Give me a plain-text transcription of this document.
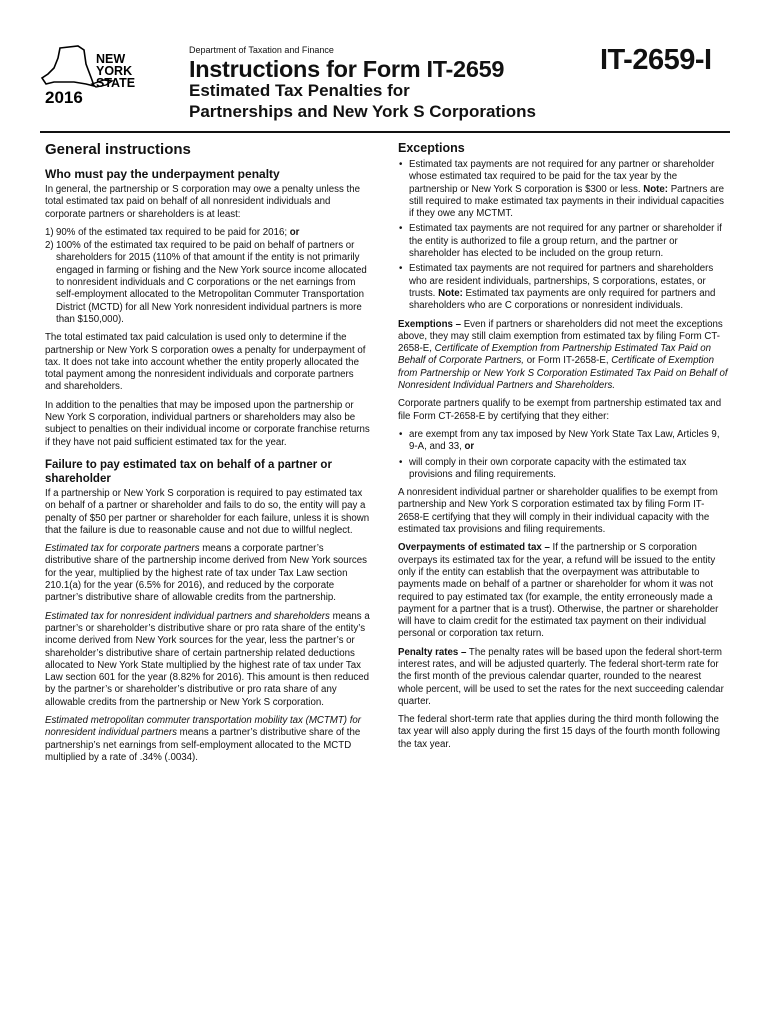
NEW
YORK
STATE
2016
Department of Taxation and Finance
Instructions for Form IT-2659	IT-2659-I
Estimated Tax Penalties for
Partnerships and New York S Corporations
General instructions
Who must pay the underpayment penalty

In general, the partnership or S corporation may owe a penalty unless the total estimated tax paid on behalf of all nonresident individuals and corporate partners or shareholders is at least:

1) 90% of the estimated tax required to be paid for 2016; or
2) 100% of the estimated tax required to be paid on behalf of partners or shareholders for 2015 (110% of that amount if the entity is not primarily engaged in farming or fishing and the New York source income allocated to nonresident individuals and C corporations or the net earnings from self-employment allocated to the Metropolitan Commuter Transportation District (MCTD) for all New York nonresident individual partners is more than $150,000).

The total estimated tax paid calculation is used only to determine if the partnership or New York S corporation owes a penalty for underpayment of tax. It does not take into account whether the entity properly allocated the total payment among the nonresident individuals and corporate partners and shareholders.

In addition to the penalties that may be imposed upon the partnership or New York S corporation, individual partners or shareholders may also be subject to penalties on their individual income or corporate franchise returns if they have not paid sufficient estimated tax for the year.

Failure to pay estimated tax on behalf of a partner or shareholder

If a partnership or New York S corporation is required to pay estimated tax on behalf of a partner or shareholder and fails to do so, the entity will pay a penalty of $50 per partner or shareholder for each failure, unless it is shown that the failure is due to reasonable cause and not due to willful neglect.

Estimated tax for corporate partners means a corporate partner’s distributive share of the partnership income derived from New York sources for the year, multiplied by the highest rate of tax under Tax Law section 210.1(a) for the year (6.5% for 2016), and reduced by the corporate partner’s distributive share of allowable credits from the partnership.

Estimated tax for nonresident individual partners and shareholders means a partner’s or shareholder’s distributive share or pro rata share of the entity’s income derived from New York sources for the year, less the partner’s or shareholder’s distributive share of certain partnership related deductions allocated to New York State multiplied by the highest rate of tax under Tax Law section 601 for the year (8.82% for 2016). This amount is then reduced by the partner’s or shareholder’s distributive or pro rata share of any allowable credits from the partnership or New York S corporation.

Estimated metropolitan commuter transportation mobility tax (MCTMT) for nonresident individual partners means a partner’s distributive share of the partnership’s net earnings from self-employment allocated to the MCTD multiplied by a rate of .34% (.0034).

Exceptions
• Estimated tax payments are not required for any partner or shareholder whose estimated tax required to be paid for the tax year by the partnership or New York S corporation is $300 or less. Note: Partners are still required to make estimated tax payments in their individual capacities if they owe any MCTMT.
• Estimated tax payments are not required for any partner or shareholder if the entity is authorized to file a group return, and the partner or shareholder has elected to be included on the group return.
• Estimated tax payments are not required for partners and shareholders who are resident individuals, partnerships, S corporations, estates, or trusts. Note: Estimated tax payments are only required for partners and shareholders who are C corporations or nonresident individuals.

Exemptions – Even if partners or shareholders did not meet the exceptions above, they may still claim exemption from estimated tax by filing Form CT-2658-E, Certificate of Exemption from Partnership Estimated Tax Paid on Behalf of Corporate Partners, or Form IT-2658-E, Certificate of Exemption from Partnership or New York S Corporation Estimated Tax Paid on Behalf of Nonresident Individual Partners and Shareholders.

Corporate partners qualify to be exempt from partnership estimated tax and file Form CT-2658-E by certifying that they either:

• are exempt from any tax imposed by New York State Tax Law, Articles 9, 9-A, and 33, or
• will comply in their own corporate capacity with the estimated tax provisions and filing requirements.

A nonresident individual partner or shareholder qualifies to be exempt from partnership and New York S corporation estimated tax by filing Form IT-2658-E certifying that they will comply in their individual capacity with the estimated tax provisions and filing requirements.

Overpayments of estimated tax – If the partnership or S corporation overpays its estimated tax for the year, a refund will be issued to the entity only if the entity can establish that the overpayment was attributable to payments made on behalf of a partner or shareholder for whom it was not required to pay estimated tax (for example, the entity erroneously made a payment for a partner that is a trust). Otherwise, the partner or shareholder will have to claim credit for the estimated tax payment on their individual personal or corporation tax return.

Penalty rates – The penalty rates will be based upon the federal short-term interest rates, and will be adjusted quarterly. The federal short-term rate for the first month of the previous calendar quarter, rounded to the nearest whole percent, will be used to set the rates for the next succeeding calendar quarter.

The federal short-term rate that applies during the third month following the tax year will also apply during the first 15 days of the fourth month following the tax year.
